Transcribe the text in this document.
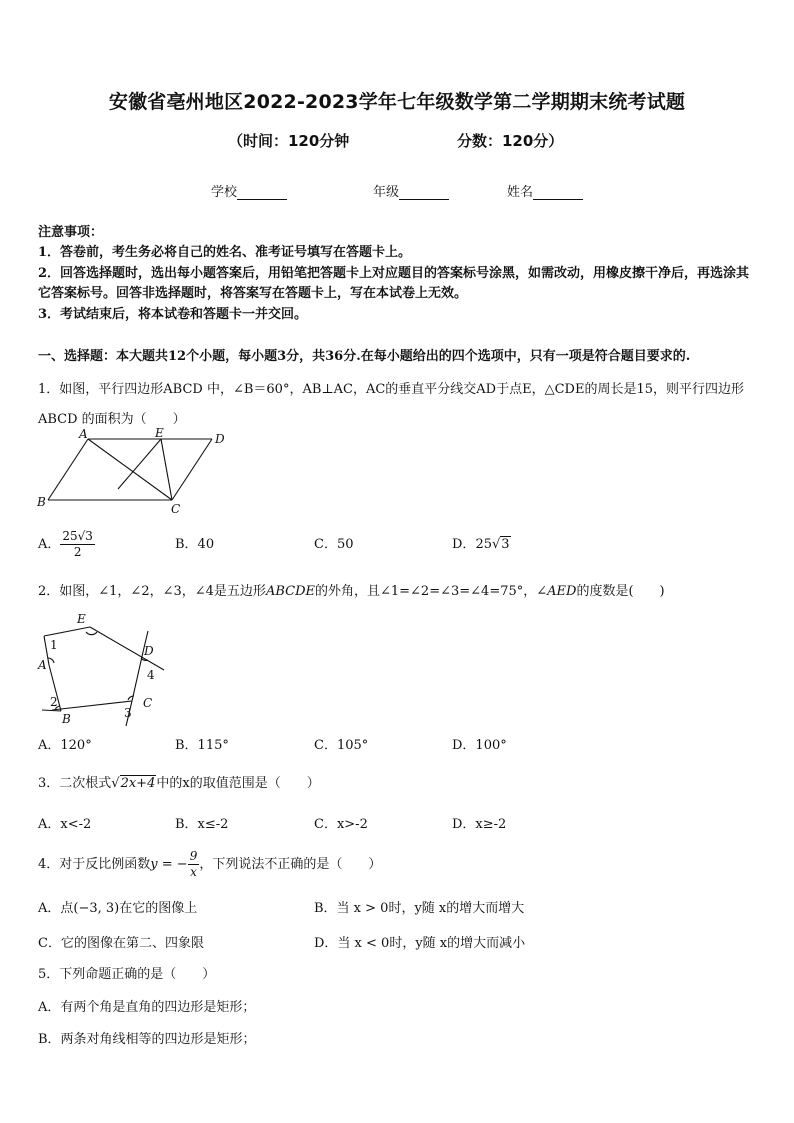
安徽省亳州地区2022-2023学年七年级数学第二学期期末统考试题
（时间：120分钟	分数：120分）
学校	年级	姓名
注意事项：
1．答卷前，考生务必将自己的姓名、准考证号填写在答题卡上。
2．回答选择题时，选出每小题答案后，用铅笔把答题卡上对应题目的答案标号涂黑，如需改动，用橡皮擦干净后，再选涂其它答案标号。回答非选择题时，将答案写在答题卡上，写在本试卷上无效。
3．考试结束后，将本试卷和答题卡一并交回。
一、选择题：本大题共12个小题，每小题3分，共36分.在每小题给出的四个选项中，只有一项是符合题目要求的.
1．如图，平行四边形ABCD 中，∠B＝60°，AB⊥AC，AC的垂直平分线交AD于点E，△CDE的周长是15，则平行四边形ABCD 的面积为（　　）
A	E	D
B	C
A． $\frac{25√3}{2}$	B．40	C．50	D．25√3
2．如图，∠1，∠2，∠3，∠4是五边形ABCDE的外角，且∠1=∠2=∠3=∠4=75°，∠AED的度数是(　　)
E
1
A
D
4
2
B
C
3
A．120°	B．115°	C．105°	D．100°
3．二次根式√2x+4中的x的取值范围是（　　）
A．x<-2	B．x≤-2	C．x>-2	D．x≥-2
4．对于反比例函数y = − $\frac{9}{x}$ ，下列说法不正确的是（　　）
A．点(−3, 3)在它的图像上	B．当 x > 0时，y随 x的增大而增大
C．它的图像在第二、四象限	D．当 x < 0时，y随 x的增大而减小
5．下列命题正确的是（　　）
A．有两个角是直角的四边形是矩形；
B．两条对角线相等的四边形是矩形；
